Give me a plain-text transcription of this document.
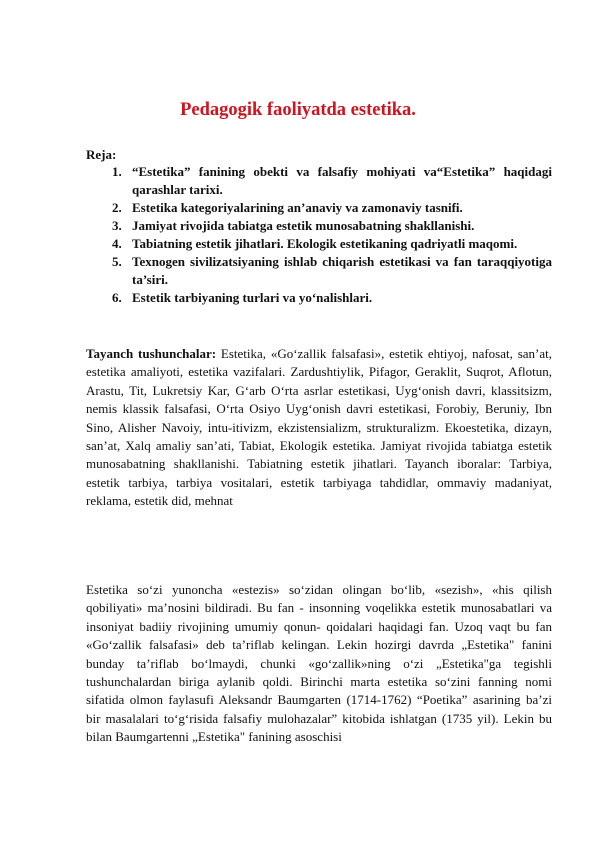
Pedagogik faoliyatda estetika.
Reja:
1. “Estetika” fanining obekti va falsafiy mohiyati va“Estetika” haqidagi qarashlar tarixi.
2. Estetika kategoriyalarining an’anaviy va zamonaviy tasnifi.
3. Jamiyat rivojida tabiatga estetik munosabatning shakllanishi.
4. Tabiatning estetik jihatlari. Ekologik estetikaning qadriyatli maqomi.
5. Texnogen sivilizatsiyaning ishlab chiqarish estetikasi va fan taraqqiyotiga ta’siri.
6. Estetik tarbiyaning turlari va yo‘nalishlari.

Tayanch tushunchalar: Estetika, «Go‘zallik falsafasi», estetik ehtiyoj, nafosat, san’at, estetika amaliyoti, estetika vazifalari. Zardushtiylik, Pifagor, Geraklit, Suqrot, Aflotun, Arastu, Tit, Lukretsiy Kar, G‘arb O‘rta asrlar estetikasi, Uyg‘onish davri, klassitsizm, nemis klassik falsafasi, O‘rta Osiyo Uyg‘onish davri estetikasi, Forobiy, Beruniy, Ibn Sino, Alisher Navoiy, intu-itivizm, ekzistensializm, strukturalizm. Ekoestetika, dizayn, san’at, Xalq amaliy san’ati, Tabiat, Ekologik estetika. Jamiyat rivojida tabiatga estetik munosabatning shakllanishi. Tabiatning estetik jihatlari. Tayanch iboralar: Tarbiya, estetik tarbiya, tarbiya vositalari, estetik tarbiyaga tahdidlar, ommaviy madaniyat, reklama, estetik did, mehnat

Estetika so‘zi yunoncha «estezis» so‘zidan olingan bo‘lib, «sezish», «his qilish qobiliyati» ma’nosini bildiradi. Bu fan - insonning voqelikka estetik munosabatlari va insoniyat badiiy rivojining umumiy qonun- qoidalari haqidagi fan. Uzoq vaqt bu fan «Go‘zallik falsafasi» deb ta’riflab kelingan. Lekin hozirgi davrda „Estetika" fanini bunday ta’riflab bo‘lmaydi, chunki «go‘zallik»ning o‘zi „Estetika"ga tegishli tushunchalardan biriga aylanib qoldi. Birinchi marta estetika so‘zini fanning nomi sifatida olmon faylasufi Aleksandr Baumgarten (1714-1762) “Poetika” asarining ba’zi bir masalalari to‘g‘risida falsafiy mulohazalar” kitobida ishlatgan (1735 yil). Lekin bu bilan Baumgartenni „Estetika" fanining asoschisi
